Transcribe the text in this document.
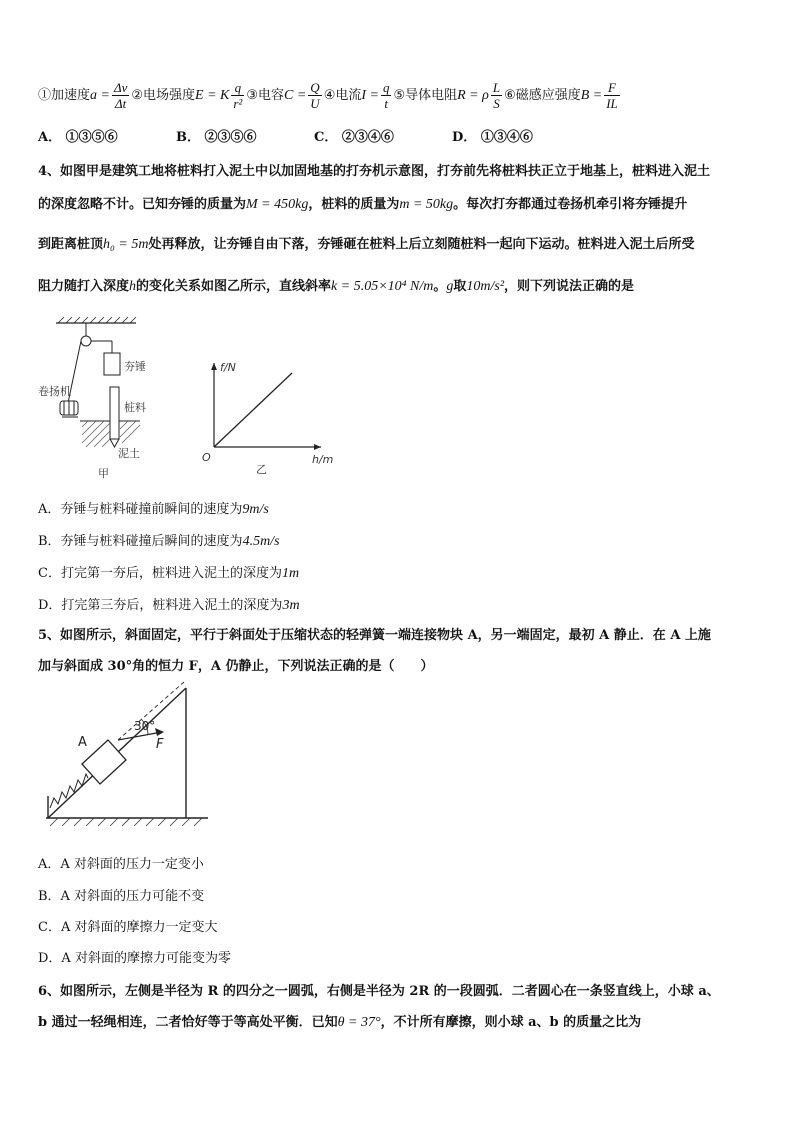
①加速度$a = \frac{\Delta v}{\Delta t}$ ②电场强度E = K $\frac{q}{\text{r²}}$ ③电容$C = \frac{Q}{U}$ ④电流$I = \frac{q}{t}$ ⑤导体电阻R = ρ $\frac{L}{S}$ ⑥磁感应强度$B = \frac{F}{IL}$
A． ①③⑤⑥	B． ②③⑤⑥	C． ②③④⑥	D． ①③④⑥
4、如图甲是建筑工地将桩料打入泥土中以加固地基的打夯机示意图，打夯前先将桩料扶正立于地基上，桩料进入泥土
的深度忽略不计。已知夯锤的质量为M = 450kg，桩料的质量为m = 50kg。每次打夯都通过卷扬机牵引将夯锤提升
到距离桩顶h₀ = 5m处再释放，让夯锤自由下落，夯锤砸在桩料上后立刻随桩料一起向下运动。桩料进入泥土后所受
阻力随打入深度h的变化关系如图乙所示，直线斜率k = 5.05×10⁴ N/m。g取10m/s²，则下列说法正确的是
夯锤
卷扬机
桩料
泥土
甲
f/N
h/m
O
乙
A．夯锤与桩料碰撞前瞬间的速度为9m/s
B．夯锤与桩料碰撞后瞬间的速度为4.5m/s
C．打完第一夯后，桩料进入泥土的深度为1m
D．打完第三夯后，桩料进入泥土的深度为3m
5、如图所示，斜面固定，平行于斜面处于压缩状态的轻弹簧一端连接物块 A，另一端固定，最初 A 静止．在 A 上施
加与斜面成 30°角的恒力 F，A 仍静止，下列说法正确的是（　　）
A
30°
F
A．A 对斜面的压力一定变小
B．A 对斜面的压力可能不变
C．A 对斜面的摩擦力一定变大
D．A 对斜面的摩擦力可能变为零
6、如图所示，左侧是半径为 R 的四分之一圆弧，右侧是半径为 2R 的一段圆弧．二者圆心在一条竖直线上，小球 a、
b 通过一轻绳相连，二者恰好等于等高处平衡．已知θ = 37°，不计所有摩擦，则小球 a、b 的质量之比为
